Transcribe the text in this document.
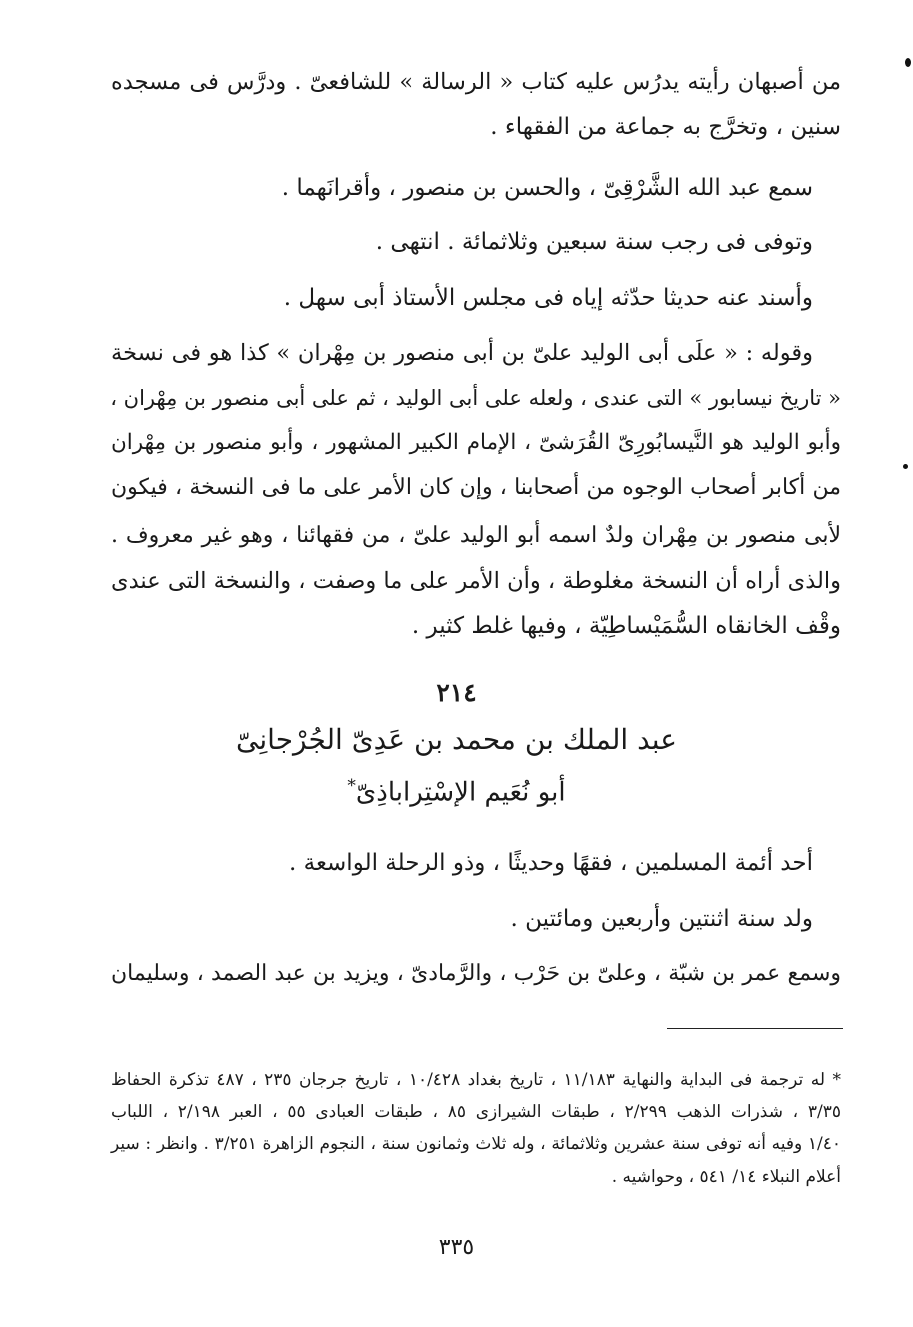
من أصبهان رأيته يدرُس عليه كتاب « الرسالة » للشافعىّ . ودرَّس فى مسجده
سنين ، وتخرَّج به جماعة من الفقهاء .
سمع عبد الله الشَّرْقِىّ ، والحسن بن منصور ، وأقرانَهما .
وتوفى فى رجب سنة سبعين وثلاثمائة . انتهى .
وأسند عنه حديثا حدّثه إياه فى مجلس الأستاذ أبى سهل .
وقوله : « علَى أبى الوليد علىّ بن أبى منصور بن مِهْران » كذا هو فى نسخة
« تاريخ نيسابور » التى عندى ، ولعله على أبى الوليد ، ثم على أبى منصور بن مِهْران ،
وأبو الوليد هو النَّيسابُورِىّ القُرَشىّ ، الإمام الكبير المشهور ، وأبو منصور بن مِهْران
من أكابر أصحاب الوجوه من أصحابنا ، وإن كان الأمر على ما فى النسخة ، فيكون
لأبى منصور بن مِهْران ولدٌ اسمه أبو الوليد علىّ ، من فقهائنا ، وهو غير معروف .
والذى أراه أن النسخة مغلوطة ، وأن الأمر على ما وصفت ، والنسخة التى عندى
وقْف الخانقاه السُّمَيْساطِيّة ، وفيها غلط كثير .
٢١٤
عبد الملك بن محمد بن عَدِىّ الجُرْجانِىّ
أبو نُعَيم الإسْتِراباذِىّ*
أحد أئمة المسلمين ، فقهًا وحديثًا ، وذو الرحلة الواسعة .
ولد سنة اثنتين وأربعين ومائتين .
وسمع عمر بن شبّة ، وعلىّ بن حَرْب ، والرَّمادىّ ، ويزيد بن عبد الصمد ، وسليمان
* له ترجمة فى البداية والنهاية ١١/١٨٣ ، تاريخ بغداد ١٠/٤٢٨ ، تاريخ جرجان ٢٣٥ ، ٤٨٧ تذكرة الحفاظ
٣/٣٥ ، شذرات الذهب ٢/٢٩٩ ، طبقات الشيرازى ٨٥ ، طبقات العبادى ٥٥ ، العبر ٢/١٩٨ ، اللباب
١/٤٠ وفيه أنه توفى سنة عشرين وثلاثمائة ، وله ثلاث وثمانون سنة ، النجوم الزاهرة ٣/٢٥١ . وانظر : سير
أعلام النبلاء ١٤/ ٥٤١ ، وحواشيه .
٣٣٥
